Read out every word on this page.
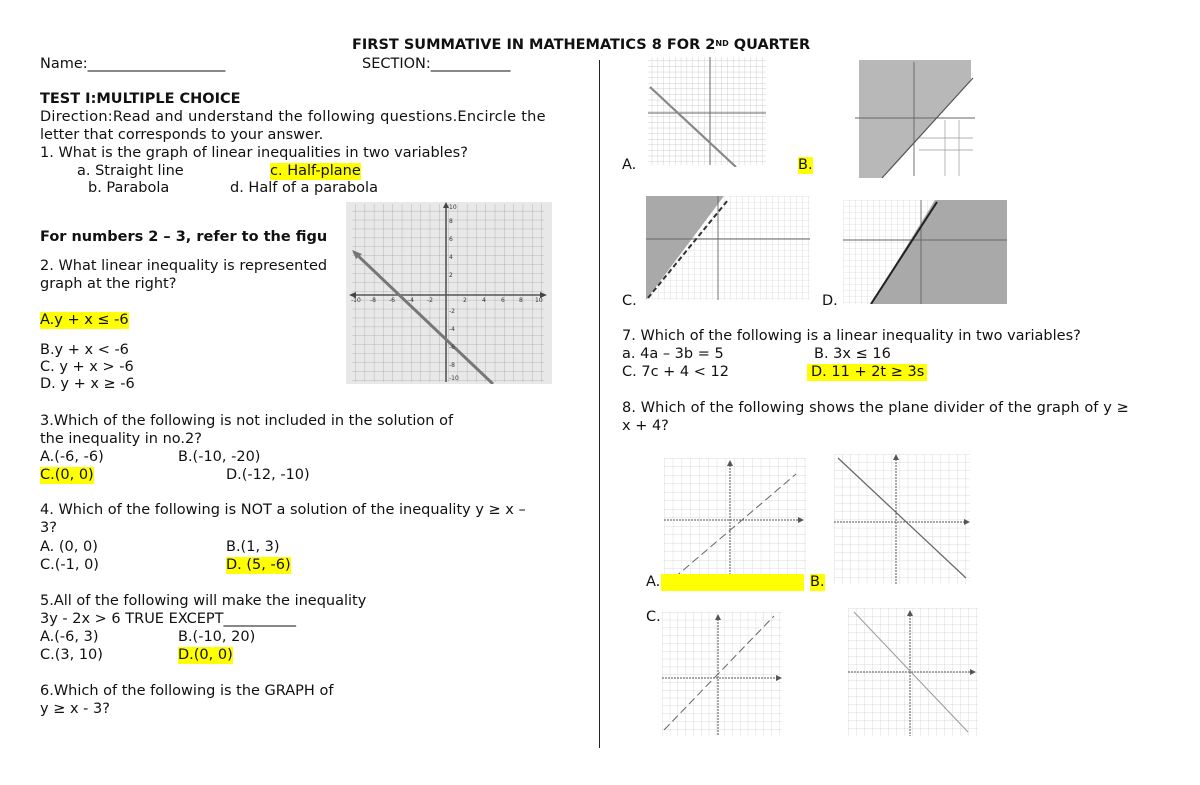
FIRST SUMMATIVE IN MATHEMATICS 8 FOR 2ND QUARTER
Name:___________________	SECTION:___________
TEST I:MULTIPLE CHOICE
Direction:Read and understand the following questions.Encircle the
letter that corresponds to your answer.
1. What is the graph of linear inequalities in two variables?
a. Straight line	c. Half-plane
b. Parabola	d. Half of a parabola
For numbers 2 – 3, refer to the figu
2. What linear inequality is represented
graph at the right?
A.y + x ≤ -6
B.y + x < -6
C. y + x > -6
D. y + x ≥ -6
-10 -8 -6 -4 -2	2	4	6 8 10
10
8
6
4
2
-2
-4
-6
-8
-10
3.Which of the following is not included in the solution of
the inequality in no.2?
A.(-6, -6)	B.(-10, -20)
C.(0, 0)	D.(-12, -10)
4. Which of the following is NOT a solution of the inequality y ≥ x –
3?
A. (0, 0)	B.(1, 3)
C.(-1, 0)	D. (5, -6)
5.All of the following will make the inequality
3y - 2x > 6 TRUE EXCEPT__________
A.(-6, 3)	B.(-10, 20)
C.(3, 10)	D.(0, 0)
6.Which of the following is the GRAPH of
y ≥ x - 3?
A.	B.
C.	D.
7. Which of the following is a linear inequality in two variables?
a. 4a – 3b = 5	B. 3x ≤ 16
C. 7c + 4 < 12	D. 11 + 2t ≥ 3s
8. Which of the following shows the plane divider of the graph of y ≥
x + 4?
A.	B.
C.
